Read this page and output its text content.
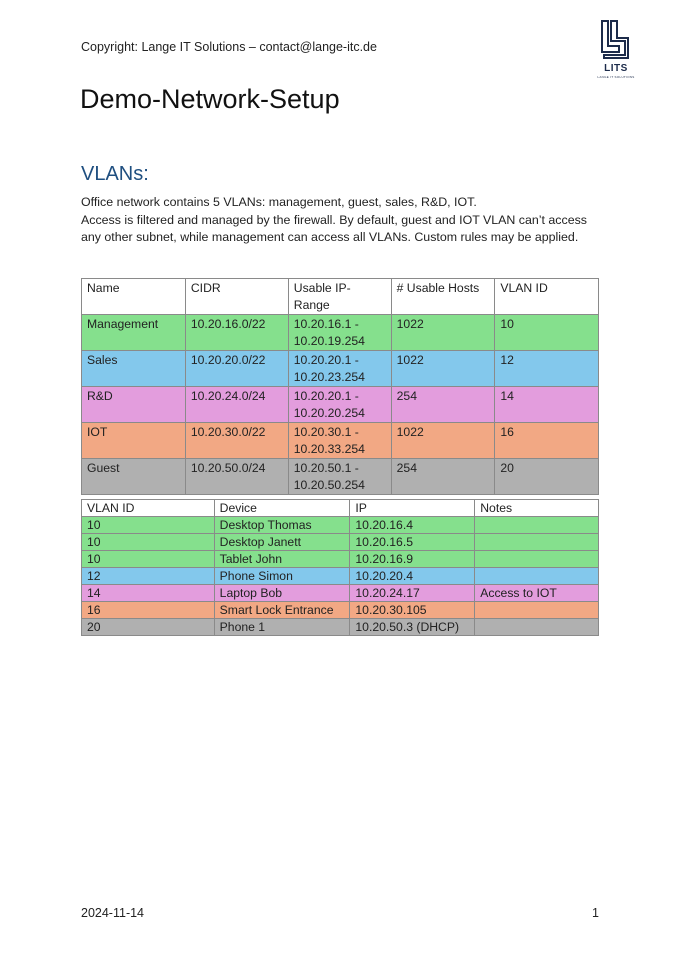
Copyright: Lange IT Solutions – contact@lange-itc.de
LITS
LANGE IT SOLUTIONS
Demo-Network-Setup
VLANs:

Office network contains 5 VLANs: management, guest, sales, R&D, IOT.

Access is filtered and managed by the firewall. By default, guest and IOT VLAN can’t access any other subnet, while management can access all VLANs. Custom rules may be applied.

Name	CIDR	Usable IP-Range	# Usable Hosts	VLAN ID
Management	10.20.16.0/22	10.20.16.1 - 10.20.19.254	1022	10
Sales	10.20.20.0/22	10.20.20.1 - 10.20.23.254	1022	12
R&D	10.20.24.0/24	10.20.20.1 - 10.20.20.254	254	14
IOT	10.20.30.0/22	10.20.30.1 - 10.20.33.254	1022	16
Guest	10.20.50.0/24	10.20.50.1 - 10.20.50.254	254	20
VLAN ID	Device	IP	Notes
10	Desktop Thomas	10.20.16.4	
10	Desktop Janett	10.20.16.5	
10	Tablet John	10.20.16.9	
12	Phone Simon	10.20.20.4	
14	Laptop Bob	10.20.24.17	Access to IOT
16	Smart Lock Entrance	10.20.30.105	
20	Phone 1	10.20.50.3 (DHCP)	
2024-11-14	1
